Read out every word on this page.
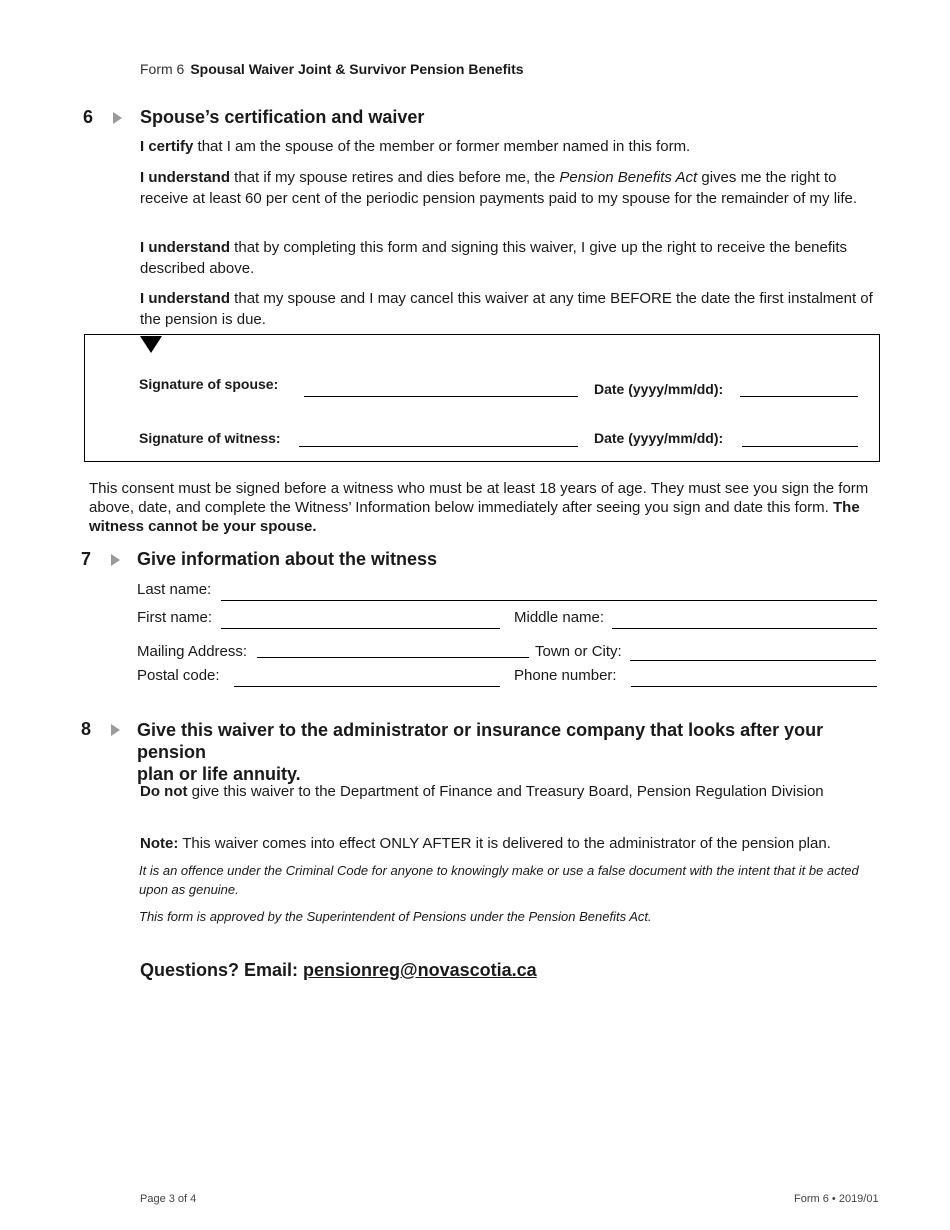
Form 6 Spousal Waiver Joint & Survivor Pension Benefits
6	Spouse’s certification and waiver
I certify that I am the spouse of the member or former member named in this form.
I understand that if my spouse retires and dies before me, the Pension Benefits Act gives me the right to receive at least 60 per cent of the periodic pension payments paid to my spouse for the remainder of my life.
I understand that by completing this form and signing this waiver, I give up the right to receive the benefits described above.
I understand that my spouse and I may cancel this waiver at any time BEFORE the date the first instalment of the pension is due.
Signature of spouse:	Date (yyyy/mm/dd):
Signature of witness:	Date (yyyy/mm/dd):
This consent must be signed before a witness who must be at least 18 years of age. They must see you sign the form above, date, and complete the Witness’ Information below immediately after seeing you sign and date this form. The witness cannot be your spouse.
7	Give information about the witness
Last name:
First name:	Middle name:
Mailing Address:	Town or City:
Postal code:	Phone number:
8	Give this waiver to the administrator or insurance company that looks after your pension
plan or life annuity.
Do not give this waiver to the Department of Finance and Treasury Board, Pension Regulation Division
Note: This waiver comes into effect ONLY AFTER it is delivered to the administrator of the pension plan.
It is an offence under the Criminal Code for anyone to knowingly make or use a false document with the intent that it be acted upon as genuine.
This form is approved by the Superintendent of Pensions under the Pension Benefits Act.
Questions? Email: pensionreg@novascotia.ca
Page 3 of 4	Form 6 • 2019/01
